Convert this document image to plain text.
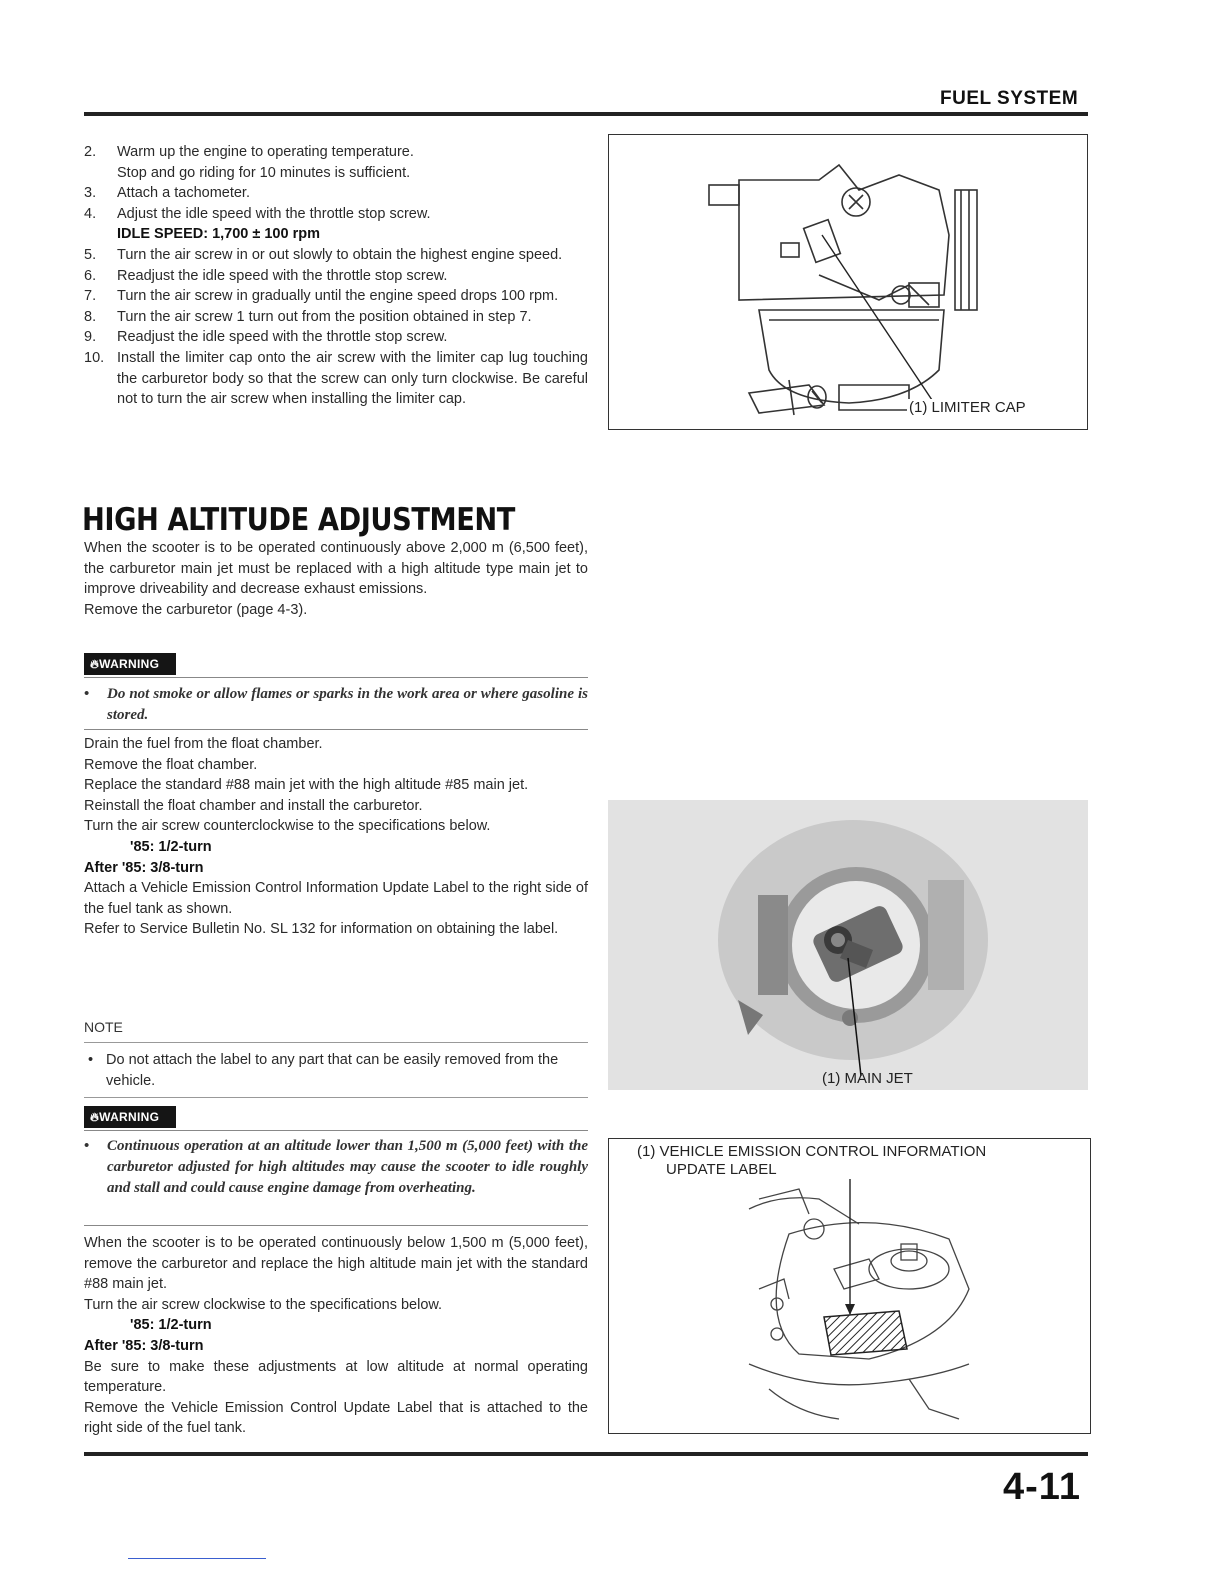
FUEL SYSTEM
2. Warm up the engine to operating temperature.
Stop and go riding for 10 minutes is sufficient.
3. Attach a tachometer.
4. Adjust the idle speed with the throttle stop screw.
IDLE SPEED: 1,700 ± 100 rpm
5. Turn the air screw in or out slowly to obtain the highest engine speed.
6. Readjust the idle speed with the throttle stop screw.
7. Turn the air screw in gradually until the engine speed drops 100 rpm.
8. Turn the air screw 1 turn out from the position obtained in step 7.
9. Readjust the idle speed with the throttle stop screw.
10. Install the limiter cap onto the air screw with the limiter cap lug touching the carburetor body so that the screw can only turn clockwise. Be careful not to turn the air screw when installing the limiter cap.
HIGH ALTITUDE ADJUSTMENT

When the scooter is to be operated continuously above 2,000 m (6,500 feet), the carburetor main jet must be replaced with a high altitude type main jet to improve driveability and decrease exhaust emissions.

Remove the carburetor (page 4-3).

🔥︎WARNING
•	Do not smoke or allow flames or sparks in the work area or where gasoline is stored.

Drain the fuel from the float chamber.

Remove the float chamber.

Replace the standard #88 main jet with the high altitude #85 main jet.

Reinstall the float chamber and install the carburetor.

Turn the air screw counterclockwise to the specifications below.

'85: 1/2-turn

After '85: 3/8-turn

Attach a Vehicle Emission Control Information Update Label to the right side of the fuel tank as shown.

Refer to Service Bulletin No. SL 132 for information on obtaining the label.

NOTE
• Do not attach the label to any part that can be easily removed from the vehicle.
🔥︎WARNING
•	Continuous operation at an altitude lower than 1,500 m (5,000 feet) with the carburetor adjusted for high altitudes may cause the scooter to idle roughly and stall and could cause engine damage from overheating.

When the scooter is to be operated continuously below 1,500 m (5,000 feet), remove the carburetor and replace the high altitude main jet with the standard #88 main jet.

Turn the air screw clockwise to the specifications below.

'85: 1/2-turn

After '85: 3/8-turn

Be sure to make these adjustments at low altitude at normal operating temperature.

Remove the Vehicle Emission Control Update Label that is attached to the right side of the fuel tank.

(1) LIMITER CAP
(1) MAIN JET
(1) VEHICLE EMISSION CONTROL INFORMATION
UPDATE LABEL
4-11
